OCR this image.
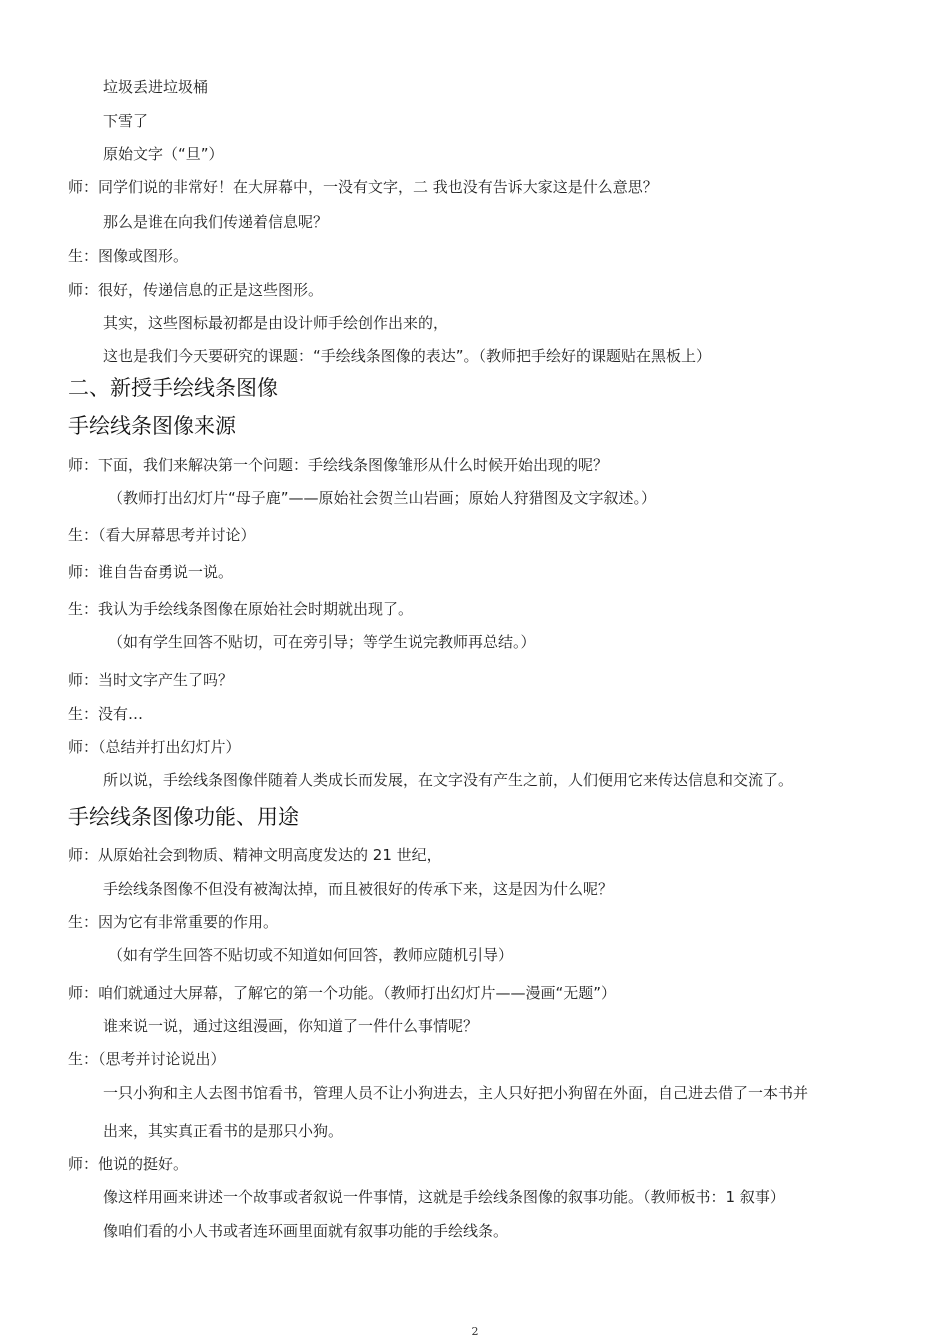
垃圾丢进垃圾桶
下雪了
原始文字（“旦”）
师：同学们说的非常好！在大屏幕中，一没有文字，二 我也没有告诉大家这是什么意思？
那么是谁在向我们传递着信息呢？
生：图像或图形。
师：很好，传递信息的正是这些图形。
其实，这些图标最初都是由设计师手绘创作出来的，
这也是我们今天要研究的课题：“手绘线条图像的表达”。（教师把手绘好的课题贴在黑板上）
二、新授手绘线条图像
手绘线条图像来源
师：下面，我们来解决第一个问题：手绘线条图像雏形从什么时候开始出现的呢？
（教师打出幻灯片“母子鹿”——原始社会贺兰山岩画；原始人狩猎图及文字叙述。）
生：（看大屏幕思考并讨论）
师：谁自告奋勇说一说。
生：我认为手绘线条图像在原始社会时期就出现了。
（如有学生回答不贴切，可在旁引导；等学生说完教师再总结。）
师：当时文字产生了吗？
生：没有…
师：（总结并打出幻灯片）
所以说，手绘线条图像伴随着人类成长而发展，在文字没有产生之前，人们便用它来传达信息和交流了。
手绘线条图像功能、用途
师：从原始社会到物质、精神文明高度发达的 21 世纪，
手绘线条图像不但没有被淘汰掉，而且被很好的传承下来，这是因为什么呢？
生：因为它有非常重要的作用。
（如有学生回答不贴切或不知道如何回答，教师应随机引导）
师：咱们就通过大屏幕，了解它的第一个功能。（教师打出幻灯片——漫画“无题”）
谁来说一说，通过这组漫画，你知道了一件什么事情呢？
生：（思考并讨论说出）
一只小狗和主人去图书馆看书，管理人员不让小狗进去，主人只好把小狗留在外面，自己进去借了一本书并
出来，其实真正看书的是那只小狗。
师：他说的挺好。
像这样用画来讲述一个故事或者叙说一件事情，这就是手绘线条图像的叙事功能。（教师板书：1 叙事）
像咱们看的小人书或者连环画里面就有叙事功能的手绘线条。
2
